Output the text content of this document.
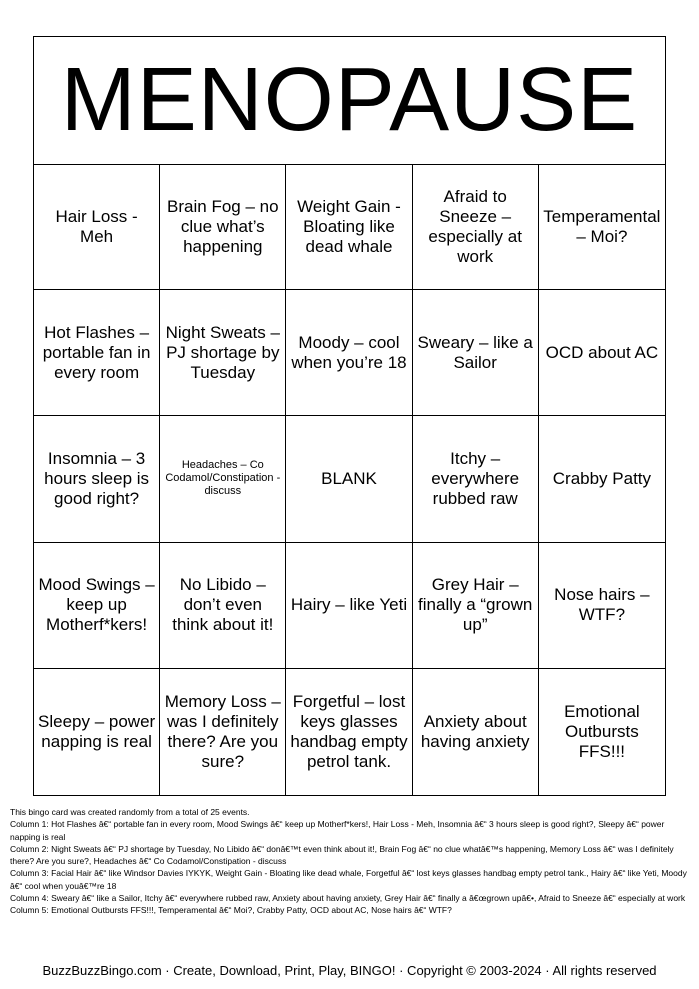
MENOPAUSE
Hair Loss - Meh
Brain Fog – no clue what’s happening
Weight Gain - Bloating like dead whale
Afraid to Sneeze – especially at work
Temperamental – Moi?
Hot Flashes – portable fan in every room
Night Sweats – PJ shortage by Tuesday
Moody – cool when you’re 18
Sweary – like a Sailor
OCD about AC
Insomnia – 3 hours sleep is good right?
Headaches – Co Codamol/Constipation - discuss
BLANK
Itchy – everywhere rubbed raw
Crabby Patty
Mood Swings – keep up Motherf*kers!
No Libido – don’t even think about it!
Hairy – like Yeti
Grey Hair – finally a “grown up”
Nose hairs – WTF?
Sleepy – power napping is real
Memory Loss – was I definitely there? Are you sure?
Forgetful – lost keys glasses handbag empty petrol tank.
Anxiety about having anxiety
Emotional Outbursts FFS!!!

This bingo card was created randomly from a total of 25 events.

Column 1: Hot Flashes â€“ portable fan in every room, Mood Swings â€“ keep up Motherf*kers!, Hair Loss - Meh, Insomnia â€“ 3 hours sleep is good right?, Sleepy â€“ power napping is real

Column 2: Night Sweats â€“ PJ shortage by Tuesday, No Libido â€“ donâ€™t even think about it!, Brain Fog â€“ no clue whatâ€™s happening, Memory Loss â€“ was I definitely there? Are you sure?, Headaches â€“ Co Codamol/Constipation - discuss

Column 3: Facial Hair â€“ like Windsor Davies IYKYK, Weight Gain - Bloating like dead whale, Forgetful â€“ lost keys glasses handbag empty petrol tank., Hairy â€“ like Yeti, Moody â€“ cool when youâ€™re 18

Column 4: Sweary â€“ like a Sailor, Itchy â€“ everywhere rubbed raw, Anxiety about having anxiety, Grey Hair â€“ finally a â€œgrown upâ€•, Afraid to Sneeze â€“ especially at work

Column 5: Emotional Outbursts FFS!!!, Temperamental â€“ Moi?, Crabby Patty, OCD about AC, Nose hairs â€“ WTF?

BuzzBuzzBingo.com · Create, Download, Print, Play, BINGO! · Copyright © 2003-2024 · All rights reserved
